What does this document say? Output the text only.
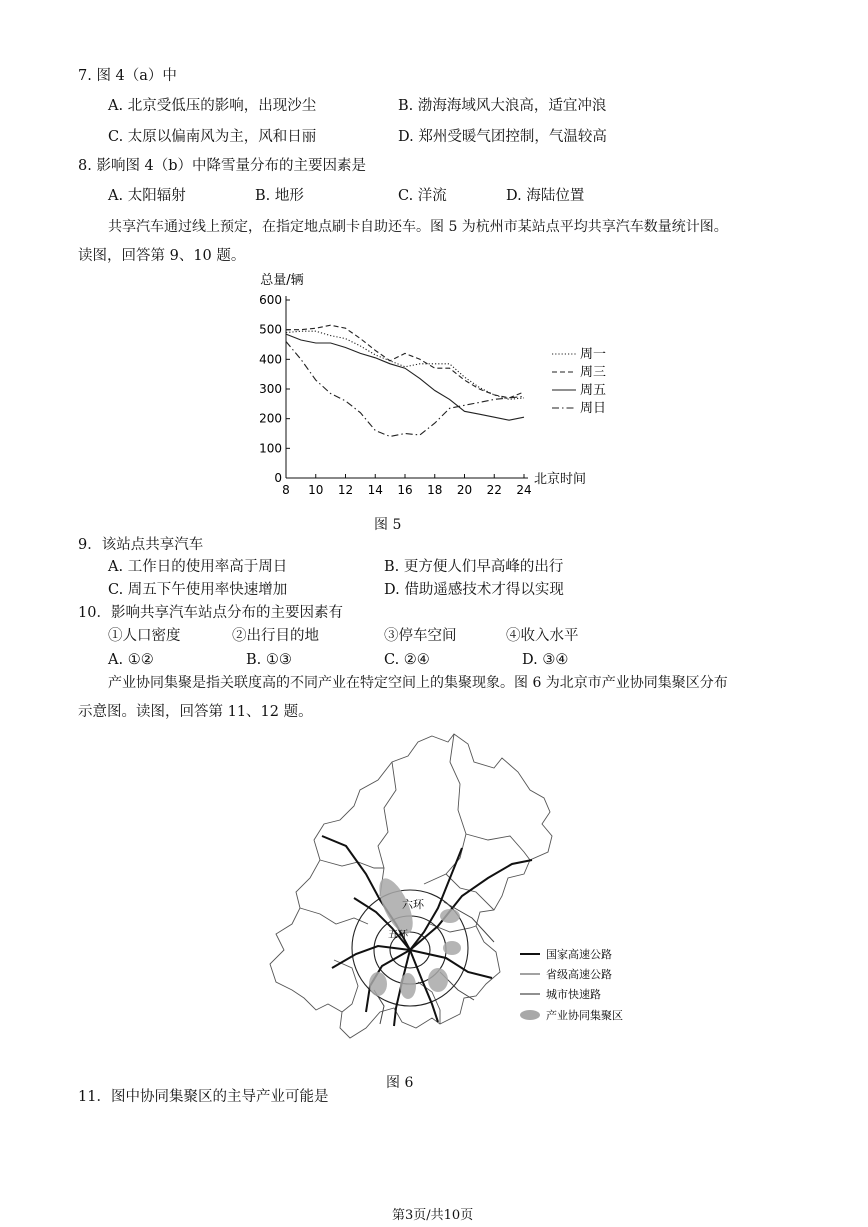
7. 图 4（a）中
A. 北京受低压的影响，出现沙尘	B. 渤海海域风大浪高，适宜冲浪
C. 太原以偏南风为主，风和日丽	D. 郑州受暖气团控制，气温较高
8. 影响图 4（b）中降雪量分布的主要因素是
A. 太阳辐射	B. 地形	C. 洋流	D. 海陆位置
共享汽车通过线上预定，在指定地点刷卡自助还车。图 5 为杭州市某站点平均共享汽车数量统计图。
读图，回答第 9、10 题。
0
100
200
300
400
500
600
8 10 12 14 16 18 20 22 24
总量/辆
北京时间
周一
周三
周五
周日
图 5
9．该站点共享汽车
A. 工作日的使用率高于周日	B. 更方便人们早高峰的出行
C. 周五下午使用率快速增加	D. 借助遥感技术才得以实现
10．影响共享汽车站点分布的主要因素有
①人口密度	②出行目的地	③停车空间	④收入水平
A. ①②	B. ①③	C. ②④	D. ③④
产业协同集聚是指关联度高的不同产业在特定空间上的集聚现象。图 6 为北京市产业协同集聚区分布
示意图。读图，回答第 11、12 题。
六环
五环
国家高速公路
省级高速公路
城市快速路
产业协同集聚区
图 6
11．图中协同集聚区的主导产业可能是
第3页/共10页
